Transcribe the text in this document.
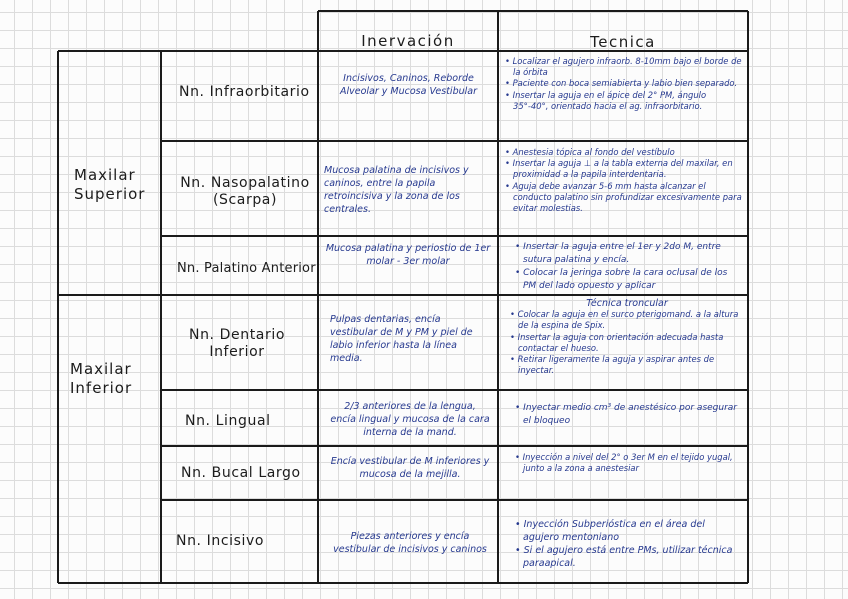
Inervación	Tecnica
Maxilar Superior
Maxilar Inferior
Nn. Infraorbitario
Incisivos, Caninos, Reborde Alveolar y Mucosa Vestibular
• Localizar el agujero infraorb. 8-10mm bajo el borde de la órbita
• Paciente con boca semiabierta y labio bien separado.
• Insertar la aguja en el ápice del 2° PM, ángulo 35°-40°, orientado hacia el ag. infraorbitario.
Nn. Nasopalatino (Scarpa)
Mucosa palatina de incisivos y caninos, entre la papila retroincisiva y la zona de los centrales.
• Anestesia tópica al fondo del vestíbulo
• Insertar la aguja ⊥ a la tabla externa del maxilar, en proximidad a la papila interdentaria.
• Aguja debe avanzar 5-6 mm hasta alcanzar el conducto palatino sin profundizar excesivamente para evitar molestias.
Nn. Palatino Anterior
Mucosa palatina y periostio de 1er molar - 3er molar
• Insertar la aguja entre el 1er y 2do M, entre sutura palatina y encía.
• Colocar la jeringa sobre la cara oclusal de los PM del lado opuesto y aplicar
Nn. Dentario Inferior
Pulpas dentarias, encía vestibular de M y PM y piel de labio inferior hasta la línea media.
Técnica troncular
• Colocar la aguja en el surco pterigomand. a la altura de la espina de Spix.
• Insertar la aguja con orientación adecuada hasta contactar el hueso.
• Retirar ligeramente la aguja y aspirar antes de inyectar.
Nn. Lingual
2/3 anteriores de la lengua, encía lingual y mucosa de la cara interna de la mand.
• Inyectar medio cm³ de anestésico por asegurar el bloqueo
Nn. Bucal Largo
Encía vestibular de M inferiores y mucosa de la mejilla.
• Inyección a nivel del 2° o 3er M en el tejido yugal, junto a la zona a anestesiar
Nn. Incisivo	Piezas anteriores y encía vestibular de incisivos y caninos
• Inyección Subperióstica en el área del agujero mentoniano
• Si el agujero está entre PMs, utilizar técnica paraapical.
